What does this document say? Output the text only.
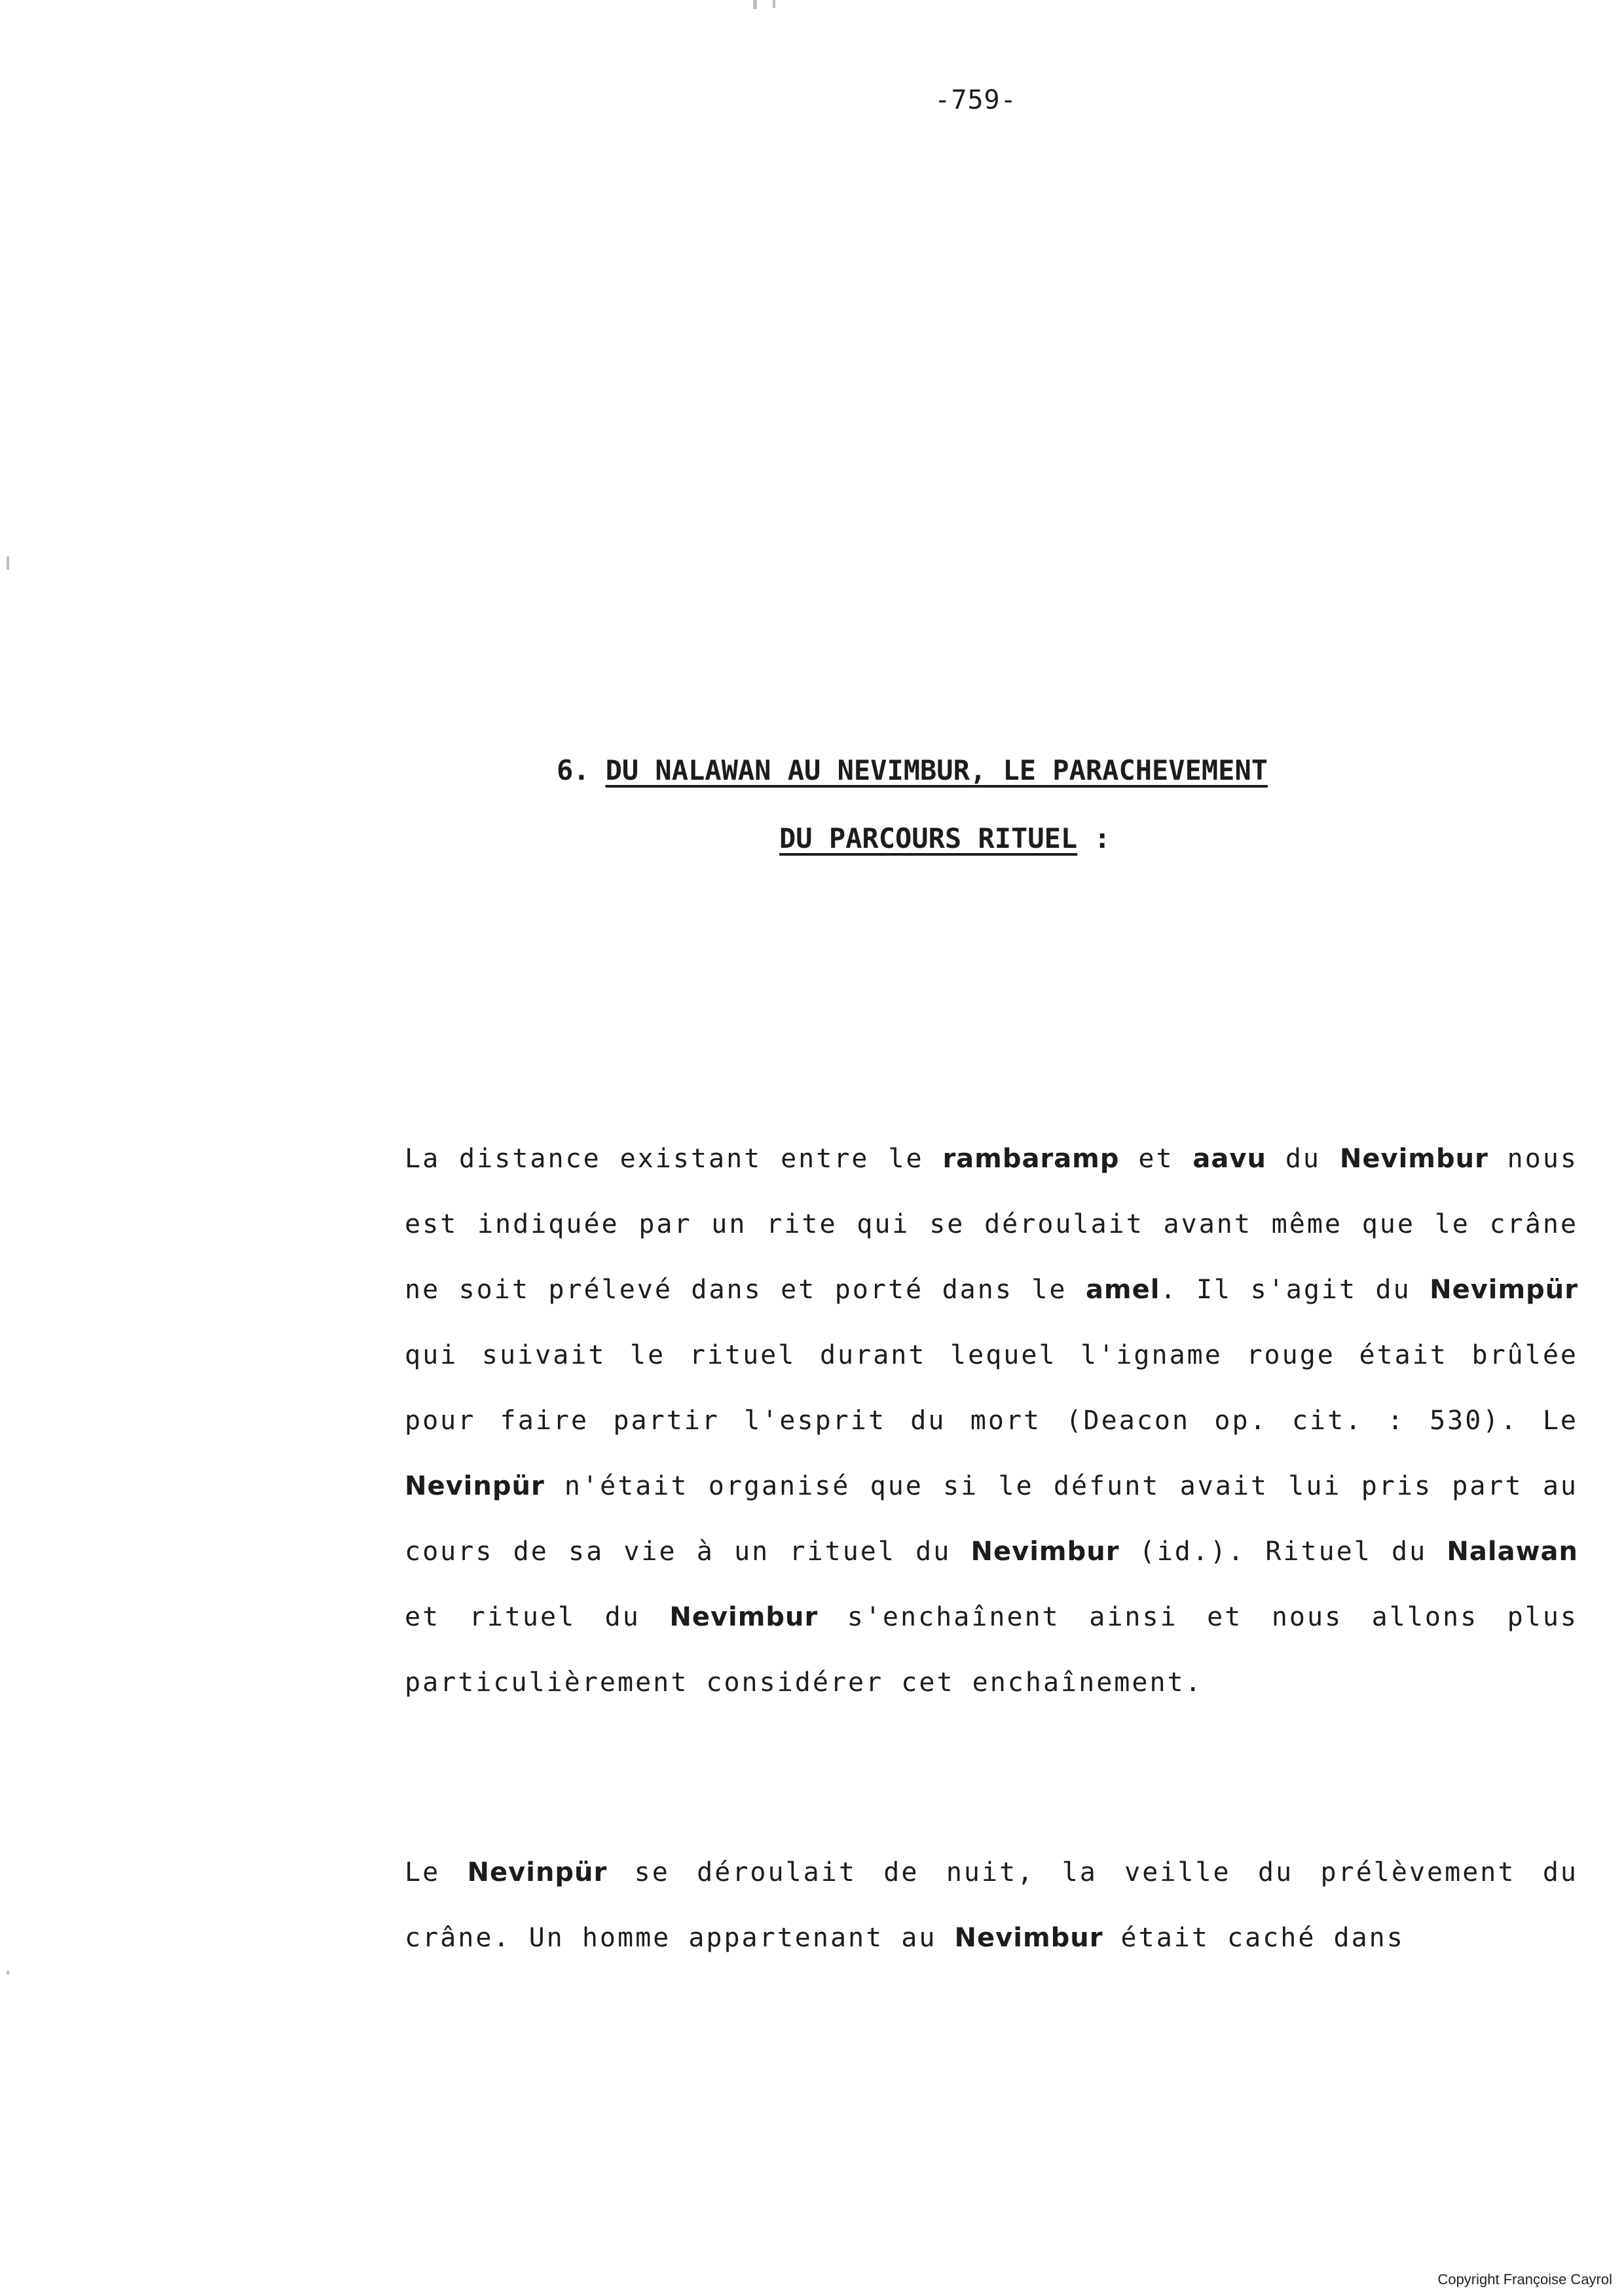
-759-
6. DU NALAWAN AU NEVIMBUR, LE PARACHEVEMENT
DU PARCOURS RITUEL :

La distance existant entre le rambaramp et aavu du Nevimbur nous est indiquée par un rite qui se déroulait avant même que le crâne ne soit prélevé dans et porté dans le amel. Il s'agit du Nevimpür qui suivait le rituel durant lequel l'igname rouge était brûlée pour faire partir l'esprit du mort (Deacon op. cit. : 530). Le Nevinpür n'était organisé que si le défunt avait lui pris part au cours de sa vie à un rituel du Nevimbur (id.). Rituel du Nalawan et rituel du Nevimbur s'enchaînent ainsi et nous allons plus particulièrement considérer cet enchaînement.

Le Nevinpür se déroulait de nuit, la veille du prélèvement du crâne. Un homme appartenant au Nevimbur était caché dans

Copyright Françoise Cayrol
